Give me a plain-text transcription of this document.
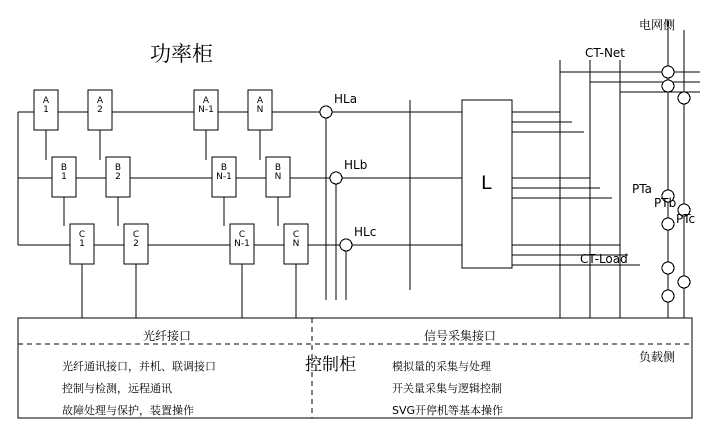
功率柜
控制柜
A
1
A
2
A
N-1
A
N
B
1
B
2
B
N-1
B
N
C
1
C
2
C
N-1
C
N
HLa
HLb
HLc
L
电网侧
CT-Net
PTa
PTb
PTc
CT-Load
负载侧
光纤接口	信号采集接口
光纤通讯接口，并机、联调接口
控制与检测，远程通讯
故障处理与保护，装置操作
模拟量的采集与处理
开关量采集与逻辑控制
SVG开停机等基本操作
